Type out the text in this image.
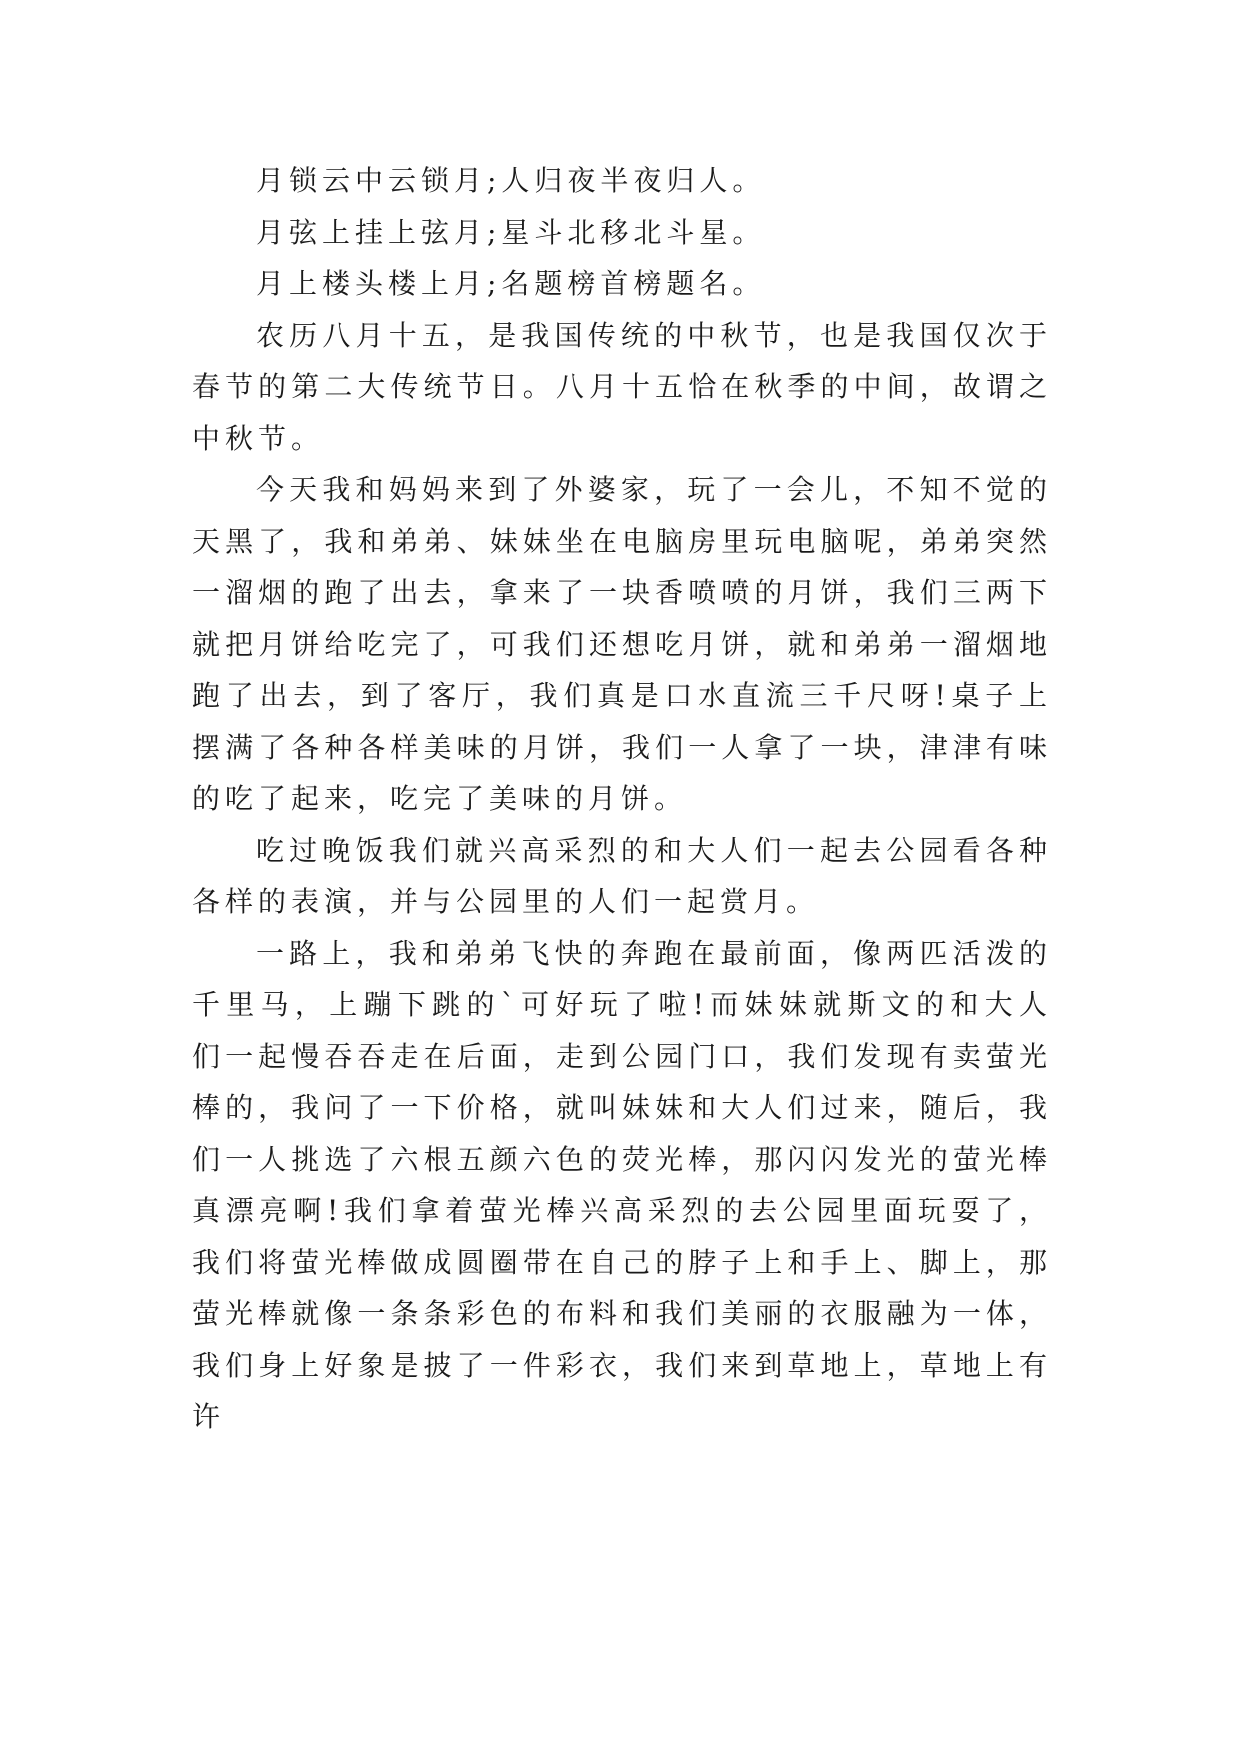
月锁云中云锁月;人归夜半夜归人。

月弦上挂上弦月;星斗北移北斗星。

月上楼头楼上月;名题榜首榜题名。

农历八月十五，是我国传统的中秋节，也是我国仅次于春节的第二大传统节日。八月十五恰在秋季的中间，故谓之中秋节。

今天我和妈妈来到了外婆家，玩了一会儿，不知不觉的天黑了，我和弟弟、妹妹坐在电脑房里玩电脑呢，弟弟突然一溜烟的跑了出去，拿来了一块香喷喷的月饼，我们三两下就把月饼给吃完了，可我们还想吃月饼，就和弟弟一溜烟地跑了出去，到了客厅，我们真是口水直流三千尺呀!桌子上摆满了各种各样美味的月饼，我们一人拿了一块，津津有味的吃了起来，吃完了美味的月饼。

吃过晚饭我们就兴高采烈的和大人们一起去公园看各种各样的表演，并与公园里的人们一起赏月。

一路上，我和弟弟飞快的奔跑在最前面，像两匹活泼的千里马，上蹦下跳的`可好玩了啦!而妹妹就斯文的和大人们一起慢吞吞走在后面，走到公园门口，我们发现有卖萤光棒的，我问了一下价格，就叫妹妹和大人们过来，随后，我们一人挑选了六根五颜六色的荧光棒，那闪闪发光的萤光棒真漂亮啊!我们拿着萤光棒兴高采烈的去公园里面玩耍了，我们将萤光棒做成圆圈带在自己的脖子上和手上、脚上，那萤光棒就像一条条彩色的布料和我们美丽的衣服融为一体，我们身上好象是披了一件彩衣，我们来到草地上，草地上有许
